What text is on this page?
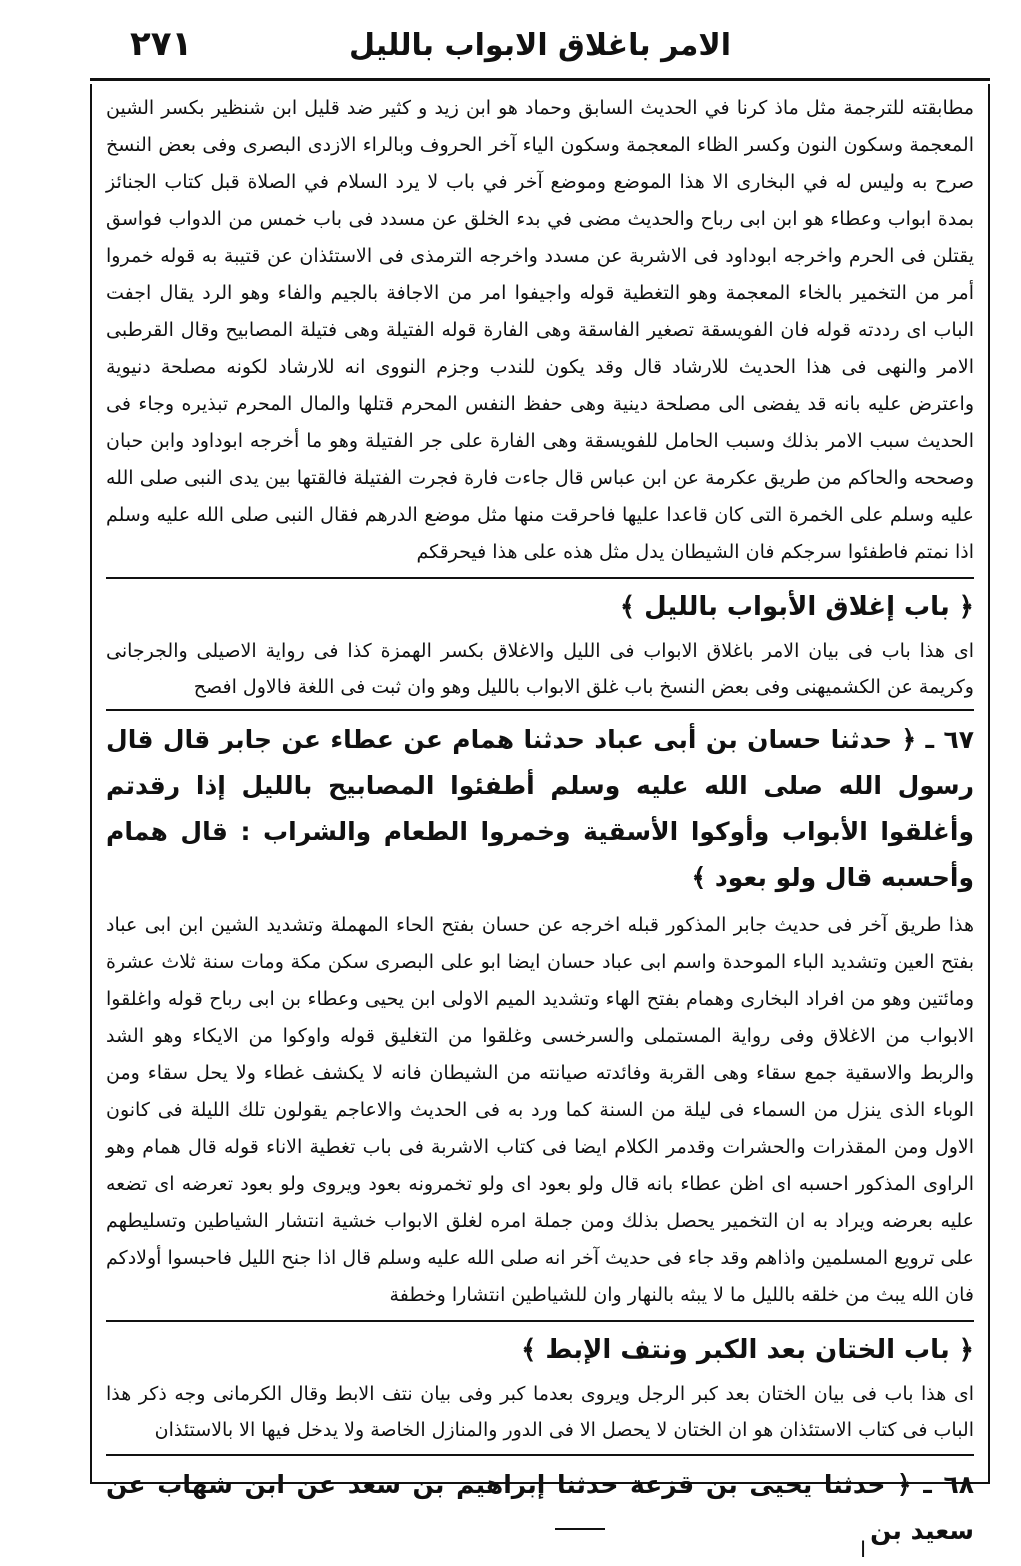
٢٧١	الامر باغلاق الابواب بالليل

مطابقته للترجمة مثل ماذ كرنا في الحديث السابق وحماد هو ابن زيد و كثير ضد قليل ابن شنظير بكسر الشين المعجمة وسكون النون وكسر الظاء المعجمة وسكون الياء آخر الحروف وبالراء الازدى البصرى وفى بعض النسخ صرح به وليس له في البخارى الا هذا الموضع وموضع آخر في باب لا يرد السلام في الصلاة قبل كتاب الجنائز بمدة ابواب وعطاء هو ابن ابى رباح والحديث مضى في بدء الخلق عن مسدد فى باب خمس من الدواب فواسق يقتلن فى الحرم واخرجه ابوداود فى الاشربة عن مسدد واخرجه الترمذى فى الاستئذان عن قتيبة به قوله خمروا أمر من التخمير بالخاء المعجمة وهو التغطية قوله واجيفوا امر من الاجافة بالجيم والفاء وهو الرد يقال اجفت الباب اى رددته قوله فان الفويسقة تصغير الفاسقة وهى الفارة قوله الفتيلة وهى فتيلة المصابيح وقال القرطبى الامر والنهى فى هذا الحديث للارشاد قال وقد يكون للندب وجزم النووى انه للارشاد لكونه مصلحة دنيوية واعترض عليه بانه قد يفضى الى مصلحة دينية وهى حفظ النفس المحرم قتلها والمال المحرم تبذيره وجاء فى الحديث سبب الامر بذلك وسبب الحامل للفويسقة وهى الفارة على جر الفتيلة وهو ما أخرجه ابوداود وابن حبان وصححه والحاكم من طريق عكرمة عن ابن عباس قال جاءت فارة فجرت الفتيلة فالقتها بين يدى النبى صلى الله عليه وسلم على الخمرة التى كان قاعدا عليها فاحرقت منها مثل موضع الدرهم فقال النبى صلى الله عليه وسلم اذا نمتم فاطفئوا سرجكم فان الشيطان يدل مثل هذه على هذا فيحرقكم

﴿ باب إغلاق الأبواب بالليل ﴾

اى هذا باب فى بيان الامر باغلاق الابواب فى الليل والاغلاق بكسر الهمزة كذا فى رواية الاصيلى والجرجانى وكريمة عن الكشميهنى وفى بعض النسخ باب غلق الابواب بالليل وهو وان ثبت فى اللغة فالاول افصح

٦٧ ـ ﴿ حدثنا حسان بن أبى عباد حدثنا همام عن عطاء عن جابر قال قال رسول الله صلى الله عليه وسلم أطفئوا المصابيح بالليل إذا رقدتم وأغلقوا الأبواب وأوكوا الأسقية وخمروا الطعام والشراب : قال همام وأحسبه قال ولو بعود ﴾

هذا طريق آخر فى حديث جابر المذكور قبله اخرجه عن حسان بفتح الحاء المهملة وتشديد الشين ابن ابى عباد بفتح العين وتشديد الباء الموحدة واسم ابى عباد حسان ايضا ابو على البصرى سكن مكة ومات سنة ثلاث عشرة ومائتين وهو من افراد البخارى وهمام بفتح الهاء وتشديد الميم الاولى ابن يحيى وعطاء بن ابى رباح قوله واغلقوا الابواب من الاغلاق وفى رواية المستملى والسرخسى وغلقوا من التغليق قوله واوكوا من الايكاء وهو الشد والربط والاسقية جمع سقاء وهى القربة وفائدته صيانته من الشيطان فانه لا يكشف غطاء ولا يحل سقاء ومن الوباء الذى ينزل من السماء فى ليلة من السنة كما ورد به فى الحديث والاعاجم يقولون تلك الليلة فى كانون الاول ومن المقذرات والحشرات وقدمر الكلام ايضا فى كتاب الاشربة فى باب تغطية الاناء قوله قال همام وهو الراوى المذكور احسبه اى اظن عطاء بانه قال ولو بعود اى ولو تخمرونه بعود ويروى ولو بعود تعرضه اى تضعه عليه بعرضه ويراد به ان التخمير يحصل بذلك ومن جملة امره لغلق الابواب خشية انتشار الشياطين وتسليطهم على ترويع المسلمين واذاهم وقد جاء فى حديث آخر انه صلى الله عليه وسلم قال اذا جنح الليل فاحبسوا أولادكم فان الله يبث من خلقه بالليل ما لا يبثه بالنهار وان للشياطين انتشارا وخطفة

﴿ باب الختان بعد الكبر ونتف الإبط ﴾

اى هذا باب فى بيان الختان بعد كبر الرجل ويروى بعدما كبر وفى بيان نتف الابط وقال الكرمانى وجه ذكر هذا الباب فى كتاب الاستئذان هو ان الختان لا يحصل الا فى الدور والمنازل الخاصة ولا يدخل فيها الا بالاستئذان

٦٨ ـ ﴿ حدثنا يحيى بن قزعة حدثنا إبراهيم بن سعد عن ابن شهاب عن سعيد بن
ا
